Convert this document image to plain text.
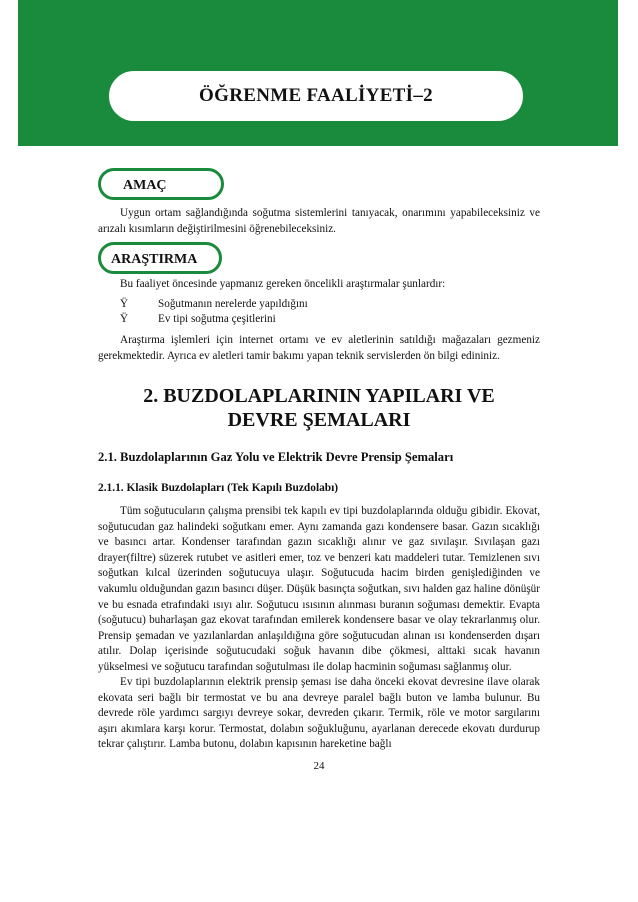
ÖĞRENME FAALİYETİ–2
AMAÇ
Uygun ortam sağlandığında soğutma sistemlerini tanıyacak, onarımını yapabileceksiniz ve arızalı kısımların değiştirilmesini öğrenebileceksiniz.
ARAŞTIRMA
Bu faaliyet öncesinde yapmanız gereken öncelikli araştırmalar şunlardır:
Ÿ	Soğutmanın nerelerde yapıldığını
Ÿ	Ev tipi soğutma çeşitlerini
Araştırma işlemleri için internet ortamı ve ev aletlerinin satıldığı mağazaları gezmeniz gerekmektedir. Ayrıca ev aletleri tamir bakımı yapan teknik servislerden ön bilgi edininiz.
2. BUZDOLAPLARININ YAPILARI VE
DEVRE ŞEMALARI
2.1. Buzdolaplarının Gaz Yolu ve Elektrik Devre Prensip Şemaları
2.1.1. Klasik Buzdolapları (Tek Kapılı Buzdolabı)
Tüm soğutucuların çalışma prensibi tek kapılı ev tipi buzdolaplarında olduğu gibidir. Ekovat, soğutucudan gaz halindeki soğutkanı emer. Aynı zamanda gazı kondensere basar. Gazın sıcaklığı ve basıncı artar. Kondenser tarafından gazın sıcaklığı alınır ve gaz sıvılaşır. Sıvılaşan gazı drayer(filtre) süzerek rutubet ve asitleri emer, toz ve benzeri katı maddeleri tutar. Temizlenen sıvı soğutkan kılcal üzerinden soğutucuya ulaşır. Soğutucuda hacim birden genişlediğinden ve vakumlu olduğundan gazın basıncı düşer. Düşük basınçta soğutkan, sıvı halden gaz haline dönüşür ve bu esnada etrafındaki ısıyı alır. Soğutucu ısısının alınması buranın soğuması demektir. Evapta (soğutucu) buharlaşan gaz ekovat tarafından emilerek kondensere basar ve olay tekrarlanmış olur. Prensip şemadan ve yazılanlardan anlaşıldığına göre soğutucudan alınan ısı kondenserden dışarı atılır. Dolap içerisinde soğutucudaki soğuk havanın dibe çökmesi, alttaki sıcak havanın yükselmesi ve soğutucu tarafından soğutulması ile dolap hacminin soğuması sağlanmış olur.
Ev tipi buzdolaplarının elektrik prensip şeması ise daha önceki ekovat devresine ilave olarak ekovata seri bağlı bir termostat ve bu ana devreye paralel bağlı buton ve lamba bulunur. Bu devrede röle yardımcı sargıyı devreye sokar, devreden çıkarır. Termik, röle ve motor sargılarını aşırı akımlara karşı korur. Termostat, dolabın soğukluğunu, ayarlanan derecede ekovatı durdurup tekrar çalıştırır. Lamba butonu, dolabın kapısının hareketine bağlı
24
